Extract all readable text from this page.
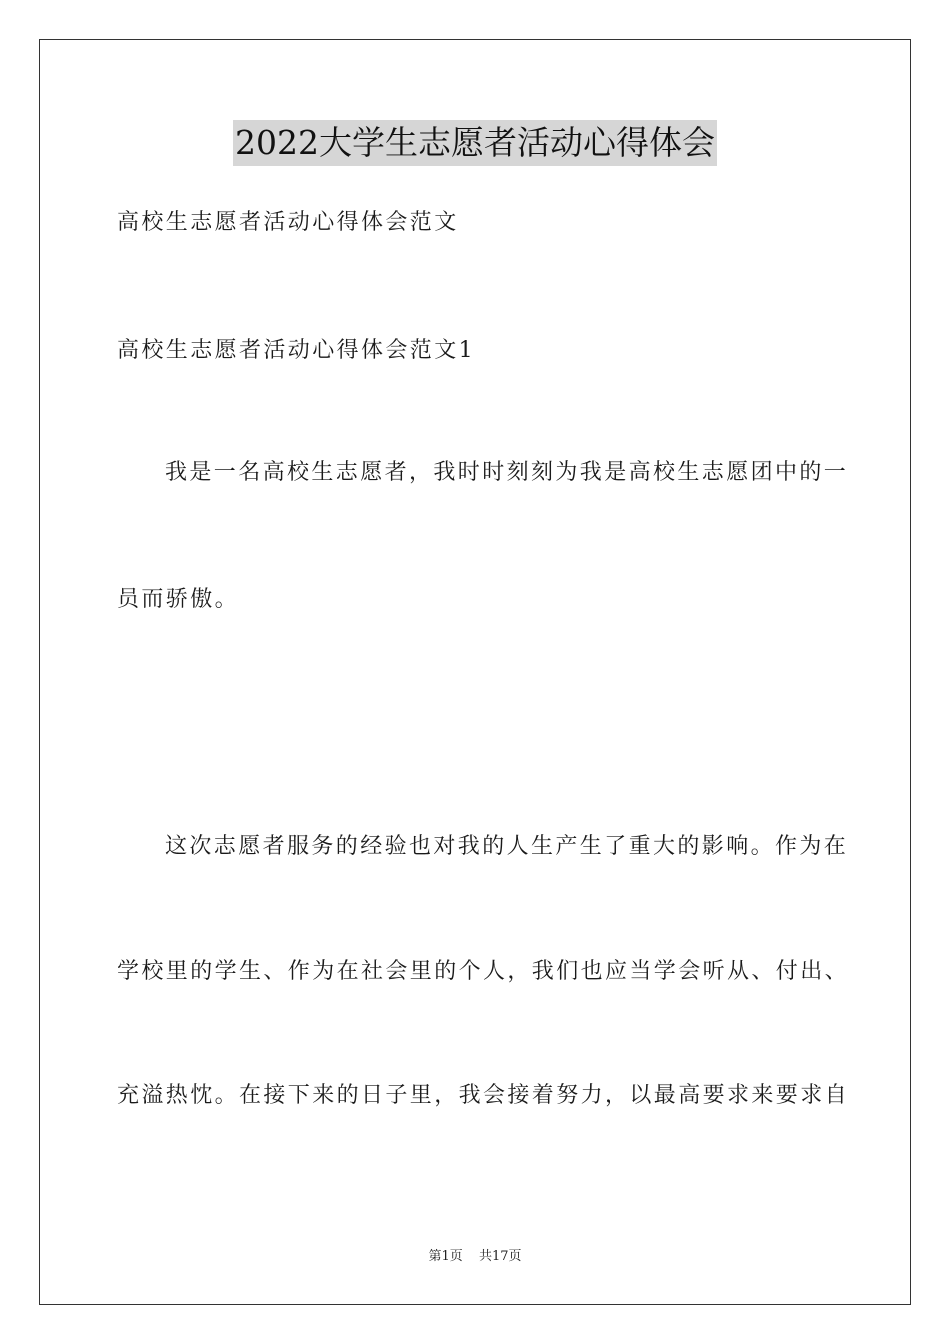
2022大学生志愿者活动心得体会
高校生志愿者活动心得体会范文
高校生志愿者活动心得体会范文1
我是一名高校生志愿者，我时时刻刻为我是高校生志愿团中的一
员而骄傲。
这次志愿者服务的经验也对我的人生产生了重大的影响。作为在
学校里的学生、作为在社会里的个人，我们也应当学会听从、付出、
充溢热忱。在接下来的日子里，我会接着努力，以最高要求来要求自
第1页 共17页
